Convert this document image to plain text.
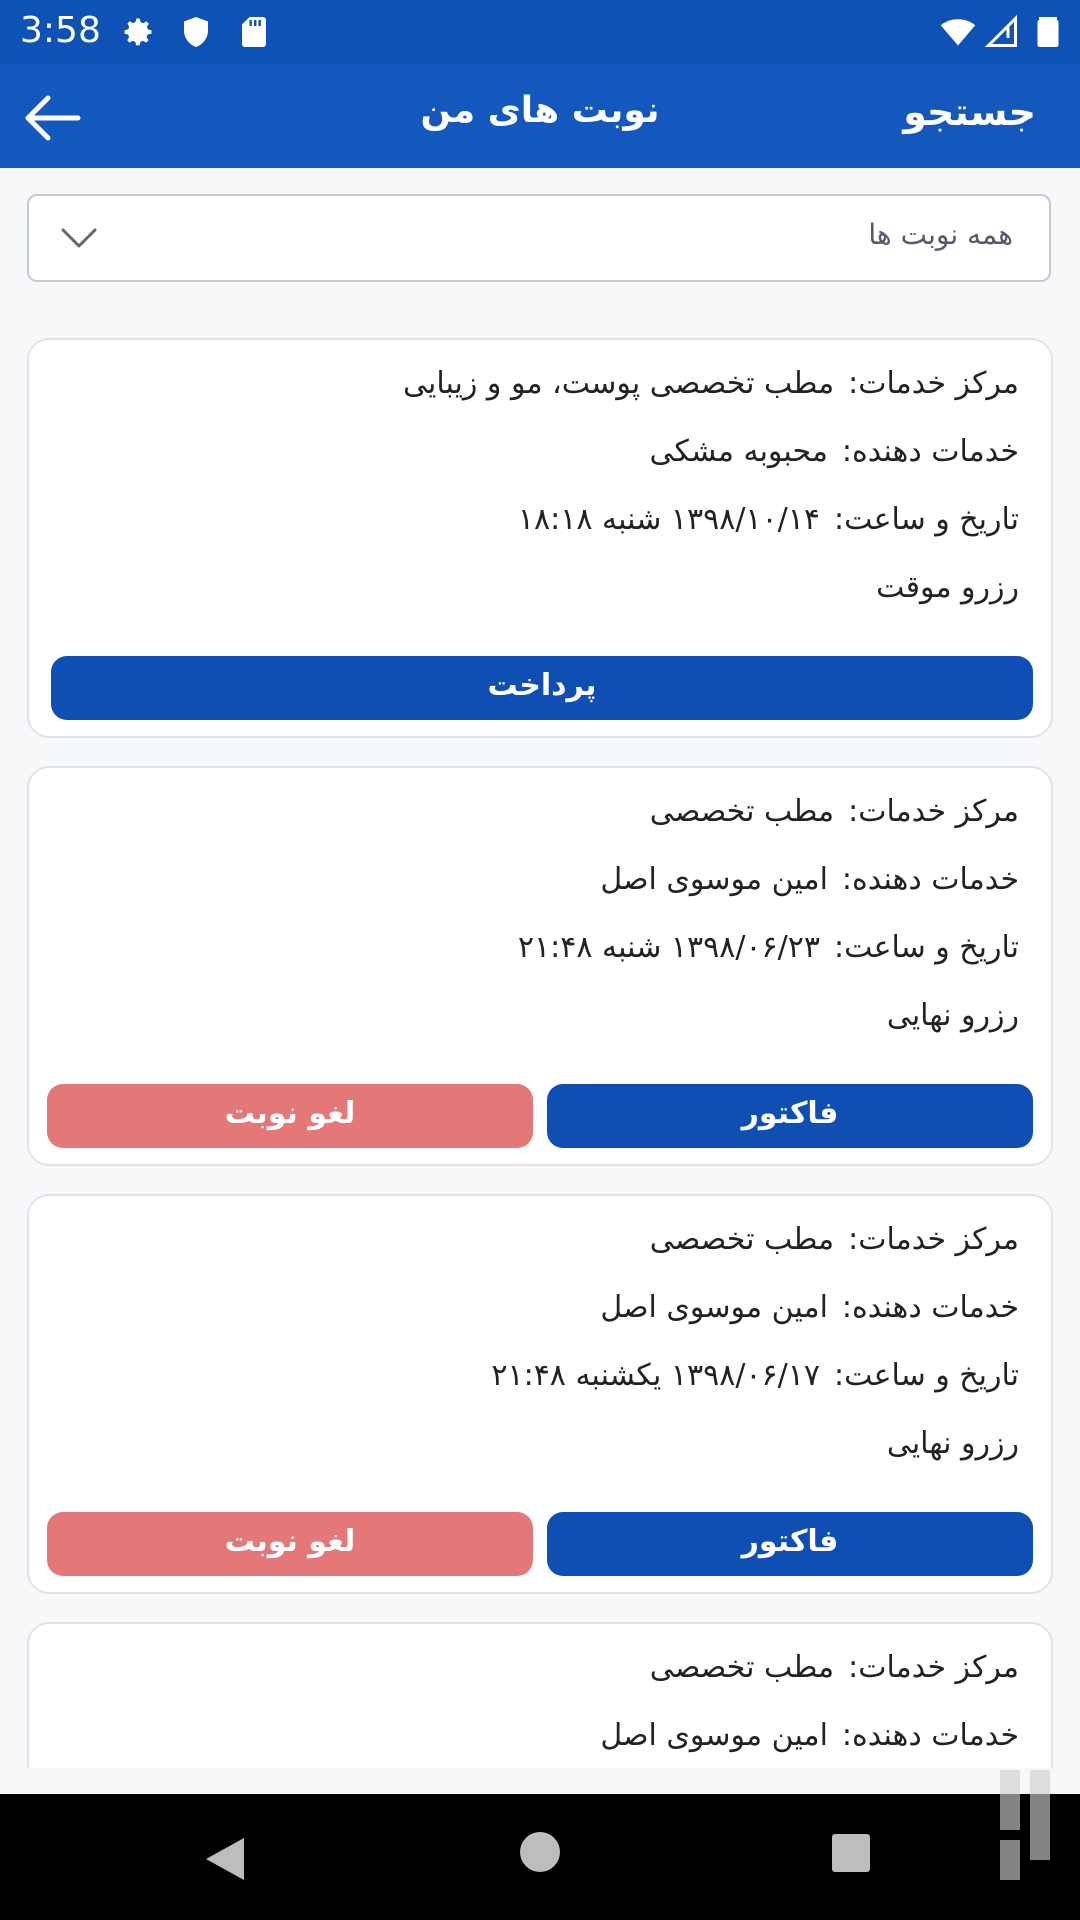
3:58
نوبت های من	جستجو
همه نوبت ها
مرکز خدمات:مطب تخصصی پوست، مو و زیبایی
خدمات دهنده:محبوبه مشکی
تاریخ و ساعت:۱۳۹۸/۱۰/۱۴ شنبه ۱۸:۱۸
رزرو موقت
پرداخت
مرکز خدمات:مطب تخصصی
خدمات دهنده:امین موسوی اصل
تاریخ و ساعت:۱۳۹۸/۰۶/۲۳ شنبه ۲۱:۴۸
رزرو نهایی
لغو نوبت	فاکتور
مرکز خدمات:مطب تخصصی
خدمات دهنده:امین موسوی اصل
تاریخ و ساعت:۱۳۹۸/۰۶/۱۷ یکشنبه ۲۱:۴۸
رزرو نهایی
لغو نوبت	فاکتور
مرکز خدمات:مطب تخصصی
خدمات دهنده:امین موسوی اصل
